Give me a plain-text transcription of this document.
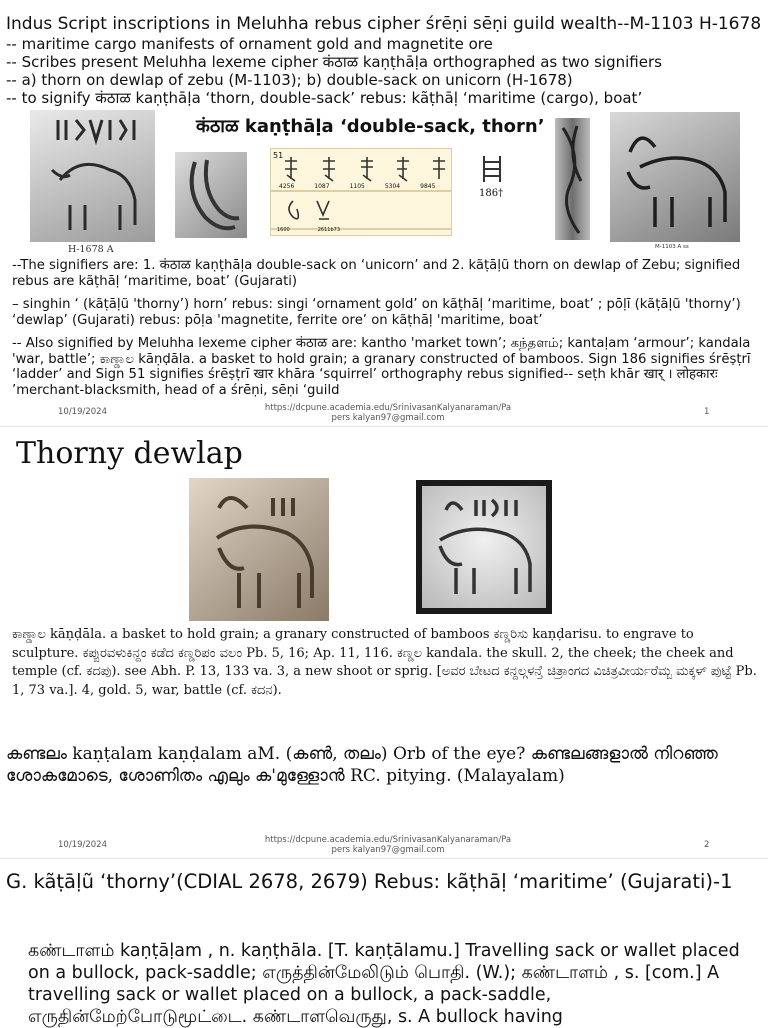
Indus Script inscriptions in Meluhha rebus cipher śrēṇi sēṇi guild wealth--M-1103 H-1678
-- maritime cargo manifests of ornament gold and magnetite ore
-- Scribes present Meluhha lexeme cipher कंठाळ kaṇṭhāḷa orthographed as two signifiers
-- a) thorn on dewlap of zebu (M-1103); b) double-sack on unicorn (H-1678)
-- to signify कंठाळ kaṇṭhāḷa ‘thorn, double-sack’ rebus: kãṭhāḷ ‘maritime (cargo), boat’
H-1678 A
कंठाळ kaṇṭhāḷa ‘double-sack, thorn’
51
4256	1087	1105	5304	9845
1600	2611b73
186†
M-1103 A ss
--The signifiers are: 1. कंठाळ kaṇṭhāḷa double-sack on ‘unicorn’ and 2. kãṭāḷũ thorn on dewlap of Zebu; signified rebus are kãṭhāḷ ‘maritime, boat’ (Gujarati)
– singhin ‘ (kãṭāḷũ 'thorny’) horn’ rebus: singi ‘ornament gold’ on kãṭhāḷ ‘maritime, boat’ ; pōḷī (kãṭāḷũ 'thorny’) ‘dewlap’ (Gujarati) rebus: pōḷa 'magnetite, ferrite ore’ on kãṭhāḷ 'maritime, boat’
-- Also signified by Meluhha lexeme cipher कंठाळ are: kantho 'market town’; கந்தளம்; kantaḷam ‘armour’; kandala 'war, battle’; ಕಾಣ್ಡಾಲ kāṇḍāla. a basket to hold grain; a granary constructed of bamboos. Sign 186 signifies śrēṣṭrī ‘ladder’ and Sign 51 signifies śrēṣṭrī खार khāra ‘squirrel’ orthography rebus signified-- seṭh khār खार् । लोहकारः ’merchant-blacksmith, head of a śrēṇi, sēṇi ‘guild
10/19/2024	https://dcpune.academia.edu/SrinivasanKalyanaraman/Pa
pers kalyan97@gmail.com
1
Thorny dewlap
ಕಾಣ್ಡಾಲ kāṇḍāla. a basket to hold grain; a granary constructed of bamboos ಕಣ್ಡರಿಸು kaṇḍarisu. to engrave to sculpture. ಕಪ್ಪುರವಳುಕಿನ್ದಂ ಕಡೆದ ಕಣ್ಡರಿಪಂ ವಲಂ Pb. 5, 16; Ap. 11, 116. ಕಣ್ಡಲ kandala. the skull. 2, the cheek; the cheek and temple (cf. ಕದಪು). see Abh. P. 13, 133 va. 3, a new shoot or sprig. [ಅವರ ಬೇಟದ ಕನ್ದಲ್ಗಳನ್ತೆ ಚಿತ್ರಾಂಗದ ವಿಚಿತ್ರವೀರ್ಯರೆಮ್ಬ ಮಕ್ಕಳ್ ಪುಟ್ಟೆ Pb. 1, 73 va.]. 4, gold. 5, war, battle (cf. ಕದನ).
കണ്ടലം kaṇṭalam kaṇḍalam aM. (കൺ, തലം) Orb of the eye? കണ്ടലങ്ങളാൽ നിറഞ്ഞ ശോകമോടെ, ശോണിതം എലും ക'മുള്ളോൻ RC. pitying. (Malayalam)
10/19/2024	https://dcpune.academia.edu/SrinivasanKalyanaraman/Pa
pers kalyan97@gmail.com	2
G. kãṭāḷũ ‘thorny’(CDIAL 2678, 2679) Rebus: kãṭhāḷ ‘maritime’ (Gujarati)-1
கண்டாளம் kaṇṭāḷam , n. kaṇṭhāla. [T. kaṇṭālamu.] Travelling sack or wallet placed on a bullock, pack-saddle; எருத்தின்மேலிடும் பொதி. (W.); கண்டாளம் , s. [com.] A travelling sack or wallet placed on a bullock, a pack-saddle, எருதின்மேற்போடுமூட்டை. கண்டாளவெருது, s. A bullock having
